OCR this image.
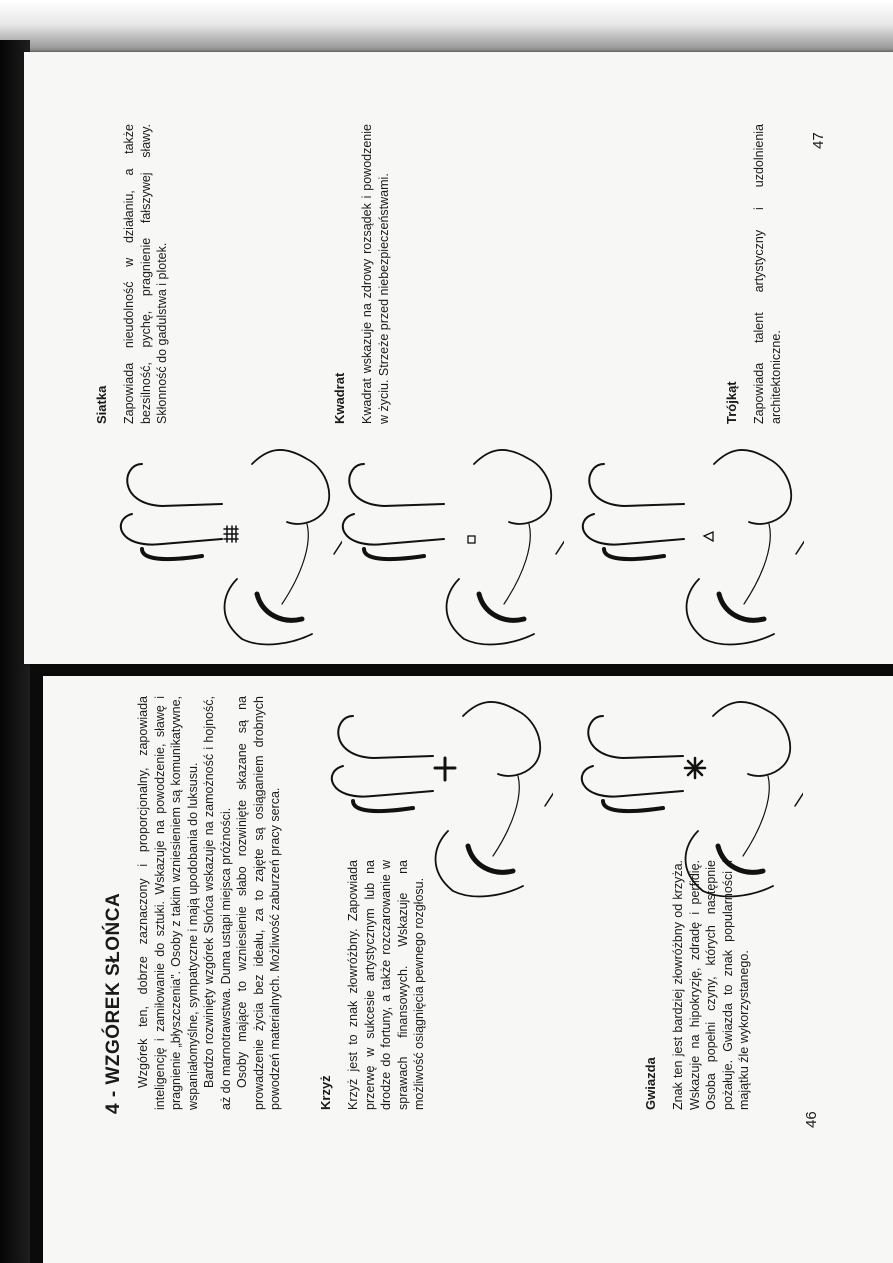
Siatka Zapowiada nieudolność w działaniu, a także bezsilność, pychę, pragnienie fałszywej sławy. Skłonność do gadulstwa i plotek.	Kwadrat Kwadrat wskazuje na zdrowy rozsądek i powodzenie w życiu. Strzeże przed niebezpieczeństwami.	Trójkąt Zapowiada talent artystyczny i uzdolnienia architektoniczne.
47
4 - WZGÓREK SŁOŃCA Wzgórek ten, dobrze zaznaczony i proporcjonalny, zapowiada inteligencję i zamiłowanie do sztuki. Wskazuje na powodzenie, sławę i pragnienie „błyszczenia”. Osoby z takim wzniesieniem są komunikatywne, wspaniałomyślne, sympatyczne i mają upodobania do luksusu. Bardzo rozwinięty wzgórek Słońca wskazuje na zamożność i hojność, aż do marnotrawstwa. Duma ustąpi miejsca próżności. Osoby mające to wzniesienie słabo rozwinięte skazane są na prowadzenie życia bez ideału, za to zajęte są osiąganiem drobnych powodzeń materialnych. Możliwość zaburzeń pracy serca.	Krzyż Krzyż jest to znak złowróżbny. Zapowiada przerwę w sukcesie artystycznym lub na drodze do fortuny, a także rozczarowanie w sprawach finansowych. Wskazuje na możliwość osiągnięcia pewnego rozgłosu.	Gwiazda Znak ten jest bardziej złowróżbny od krzyża. Wskazuje na hipokryzję, zdradę i perfidię. Osoba popełni czyny, których następnie pożałuje. Gwiazda to znak popularności i majątku źle wykorzystanego.
46
